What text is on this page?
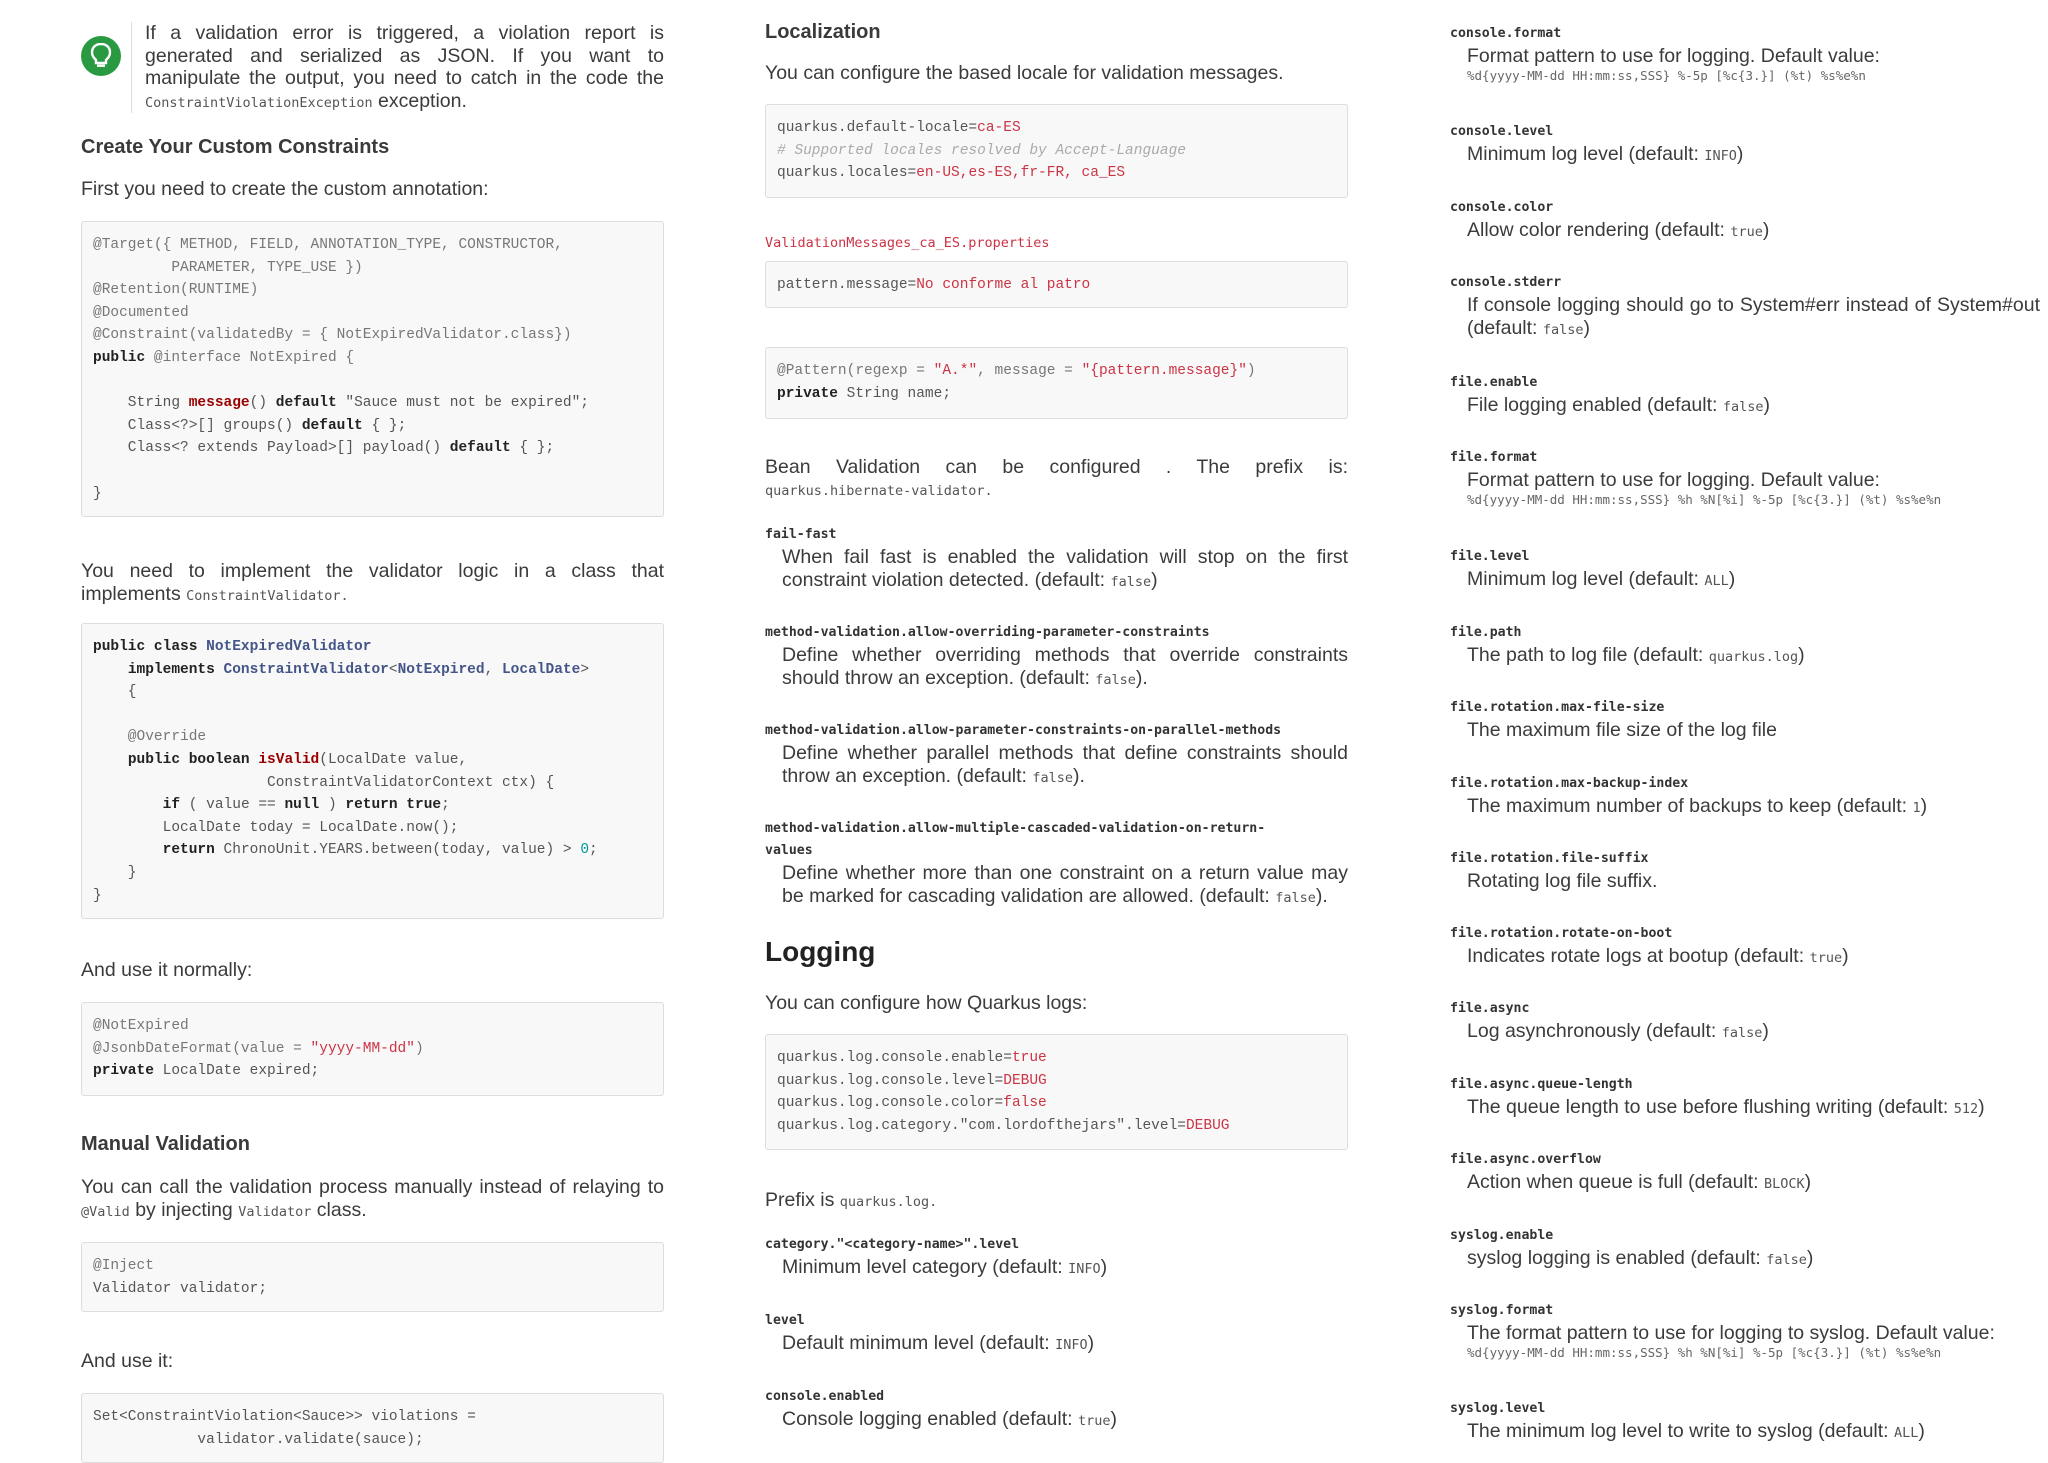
If a validation error is triggered, a violation report is generated and serialized as JSON. If you want to manipulate the output, you need to catch in the code the ConstraintViolationException exception.

Create Your Custom Constraints

First you need to create the custom annotation:

@Target({ METHOD, FIELD, ANNOTATION_TYPE, CONSTRUCTOR,
PARAMETER, TYPE_USE })
@Retention(RUNTIME)
@Documented
@Constraint(validatedBy = { NotExpiredValidator.class})
public @interface NotExpired {

String message() default "Sauce must not be expired";
Class<?>[] groups() default { };
Class<? extends Payload>[] payload() default { };

}

You need to implement the validator logic in a class that implements ConstraintValidator.

public class NotExpiredValidator
implements ConstraintValidator<NotExpired, LocalDate>
{

@Override
public boolean isValid(LocalDate value,
ConstraintValidatorContext ctx) {
if ( value == null ) return true;
LocalDate today = LocalDate.now();
return ChronoUnit.YEARS.between(today, value) > 0;
}
}

And use it normally:

@NotExpired
@JsonbDateFormat(value = "yyyy-MM-dd")
private LocalDate expired;
Manual Validation

You can call the validation process manually instead of relaying to @Valid by injecting Validator class.

@Inject
Validator validator;

And use it:

Set<ConstraintViolation<Sauce>> violations =
validator.validate(sauce);
Localization

You can configure the based locale for validation messages.

quarkus.default-locale=ca-ES
# Supported locales resolved by Accept-Language
quarkus.locales=en-US,es-ES,fr-FR, ca_ES
ValidationMessages_ca_ES.properties
pattern.message=No conforme al patro
@Pattern(regexp = "A.*", message = "{pattern.message}")
private String name;

Bean Validation can be configured . The prefix is:

quarkus.hibernate-validator.
fail-fast
When fail fast is enabled the validation will stop on the first constraint violation detected. (default: false)
method-validation.allow-overriding-parameter-constraints
Define whether overriding methods that override constraints should throw an exception. (default: false).
method-validation.allow-parameter-constraints-on-parallel-methods
Define whether parallel methods that define constraints should throw an exception. (default: false).
method-validation.allow-multiple-cascaded-validation-on-return-
values
Define whether more than one constraint on a return value may be marked for cascading validation are allowed. (default: false).
Logging

You can configure how Quarkus logs:

quarkus.log.console.enable=true
quarkus.log.console.level=DEBUG
quarkus.log.console.color=false
quarkus.log.category."com.lordofthejars".level=DEBUG

Prefix is quarkus.log.

category."<category-name>".level
Minimum level category (default: INFO)
level
Default minimum level (default: INFO)
console.enabled
Console logging enabled (default: true)
console.format
Format pattern to use for logging. Default value:
%d{yyyy-MM-dd HH:mm:ss,SSS} %-5p [%c{3.}] (%t) %s%e%n
console.level
Minimum log level (default: INFO)
console.color
Allow color rendering (default: true)
console.stderr
If console logging should go to System#err instead of System#out (default: false)
file.enable
File logging enabled (default: false)
file.format
Format pattern to use for logging. Default value:
%d{yyyy-MM-dd HH:mm:ss,SSS} %h %N[%i] %-5p [%c{3.}] (%t) %s%e%n
file.level
Minimum log level (default: ALL)
file.path
The path to log file (default: quarkus.log)
file.rotation.max-file-size
The maximum file size of the log file
file.rotation.max-backup-index
The maximum number of backups to keep (default: 1)
file.rotation.file-suffix
Rotating log file suffix.
file.rotation.rotate-on-boot
Indicates rotate logs at bootup (default: true)
file.async
Log asynchronously (default: false)
file.async.queue-length
The queue length to use before flushing writing (default: 512)
file.async.overflow
Action when queue is full (default: BLOCK)
syslog.enable
syslog logging is enabled (default: false)
syslog.format
The format pattern to use for logging to syslog. Default value:
%d{yyyy-MM-dd HH:mm:ss,SSS} %h %N[%i] %-5p [%c{3.}] (%t) %s%e%n
syslog.level
The minimum log level to write to syslog (default: ALL)
